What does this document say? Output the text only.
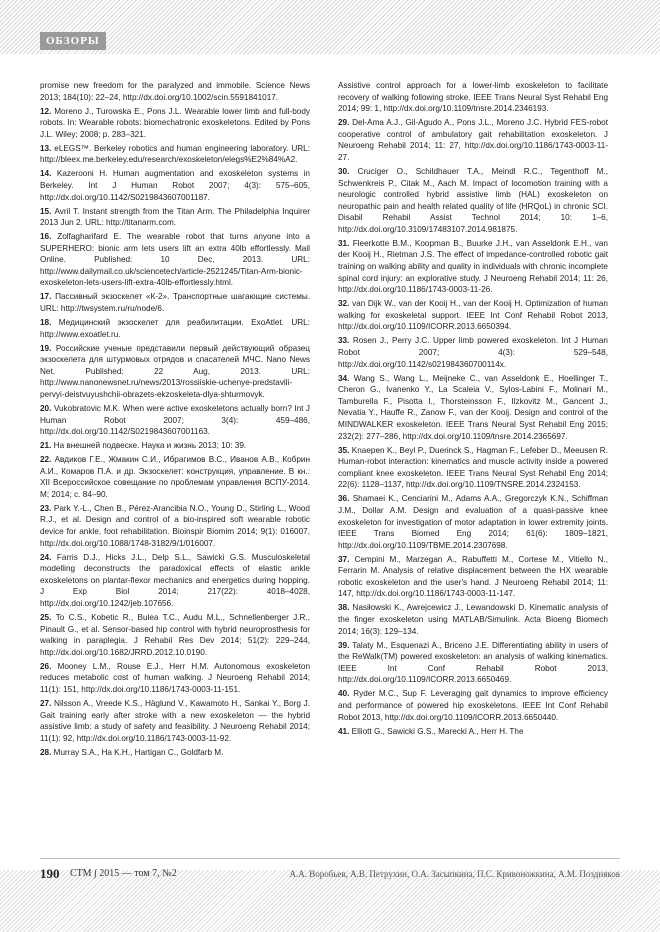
ОБЗОРЫ

promise new freedom for the paralyzed and immobile. Science News 2013; 184(10): 22–24, http://dx.doi.org/10.1002/scin.5591841017.

12 . Moreno J., Turowska E., Pons J.L. Wearable lower limb and full-body robots. In: Wearable robots: biomechatronic exoskeletons. Edited by Pons J.L. Wiley; 2008; p. 283–321.

13 . eLEGS™. Berkeley robotics and human engineering laboratory. URL: http://bleex.me.berkeley.edu/research/exoskeleton/elegs%E2%84%A2.

14 . Kazerooni H. Human augmentation and exoskeleton systems in Berkeley. Int J Human Robot 2007; 4(3): 575–605, http://dx.doi.org/10.1142/S0219843607001187.

15 . Avril T. Instant strength from the Titan Arm. The Philadelphia Inquirer 2013 Jun 2. URL: http://titanarm.com.

16 . Zolfagharifard E. The wearable robot that turns anyone into a SUPERHERO: bionic arm lets users lift an extra 40lb effortlessly. Mail Online. Published: 10 Dec, 2013. URL: http://www.dailymail.co.uk/sciencetech/article-2521245/Titan-Arm-bionic-exoskeleton-lets-users-lift-extra-40lb-effortlessly.html.

17 . Пассивный экзоскелет «К-2». Транспортные шагающие системы. URL: http://twsystem.ru/ru/node/6.

18 . Медицинский экзоскелет для реабилитации. ExoAtlet. URL: http://www.exoatlet.ru.

19 . Российские ученые представили первый действующий образец экзоскелета для штурмовых отрядов и спасателей МЧС. Nano News Net. Published: 22 Aug, 2013. URL: http://www.nanonewsnet.ru/news/2013/rossiiskie-uchenye-predstavili-pervyi-deistvuyushchii-obrazets-ekzoskeleta-dlya-shturmovyk.

20 . Vukobratovic M.K. When were active exoskeletons actually born? Int J Human Robot 2007; 3(4): 459–486, http://dx.doi.org/10.1142/S0219843607001163.

21 . На внешней подвеске. Наука и жизнь 2013; 10: 39.

22 . Авдиков Г.Е., Жмакин С.И., Ибрагимов В.С., Иванов А.В., Кобрин А.И., Комаров П.А. и др. Экзоскелет: конструкция, управление. В кн.: XII Всероссийское совещание по проблемам управления ВСПУ-2014. М; 2014; с. 84–90.

23 . Park Y.-L., Chen B., Pérez-Arancibia N.O., Young D., Stirling L., Wood R.J., et al. Design and control of a bio-inspired soft wearable robotic device for ankle, foot rehabilitation. Bioinspir Biomim 2014; 9(1): 016007, http://dx.doi.org/10.1088/1748-3182/9/1/016007.

24 . Farris D.J., Hicks J.L., Delp S.L., Sawicki G.S. Musculoskeletal modelling deconstructs the paradoxical effects of elastic ankle exoskeletons on plantar-flexor mechanics and energetics during hopping. J Exp Biol 2014; 217(22): 4018–4028, http://dx.doi.org/10.1242/jeb.107656.

25 . To C.S., Kobetic R., Bulea T.C., Audu M.L., Schnellenberger J.R., Pinault G., et al. Sensor-based hip control with hybrid neuroprosthesis for walking in paraplegia. J Rehabil Res Dev 2014; 51(2): 229–244, http://dx.doi.org/10.1682/JRRD.2012.10.0190.

26 . Mooney L.M., Rouse E.J., Herr H.M. Autonomous exoskeleton reduces metabolic cost of human walking. J Neuroeng Rehabil 2014; 11(1): 151, http://dx.doi.org/10.1186/1743-0003-11-151.

27 . Nilsson A., Vreede K.S., Häglund V., Kawamoto H., Sankai Y., Borg J. Gait training early after stroke with a new exoskeleton — the hybrid assistive limb: a study of safety and feasibility. J Neuroeng Rehabil 2014; 11(1): 92, http://dx.doi.org/10.1186/1743-0003-11-92.

28 . Murray S.A., Ha K.H., Hartigan C., Goldfarb M.

Assistive control approach for a lower-limb exoskeleton to facilitate recovery of walking following stroke. IEEE Trans Neural Syst Rehabil Eng 2014; 99: 1, http://dx.doi.org/10.1109/tnsre.2014.2346193.

29 . Del-Ama A.J., Gil-Agudo A., Pons J.L., Moreno J.C. Hybrid FES-robot cooperative control of ambulatory gait rehabilitation exoskeleton. J Neuroeng Rehabil 2014; 11: 27, http://dx.doi.org/10.1186/1743-0003-11-27.

30 . Cruciger O., Schildhauer T.A., Meindl R.C., Tegenthoff M., Schwenkreis P., Citak M., Aach M. Impact of locomotion training with a neurologic controlled hybrid assistive limb (HAL) exoskeleton on neuropathic pain and health related quality of life (HRQoL) in chronic SCI. Disabil Rehabil Assist Technol 2014; 10: 1–6, http://dx.doi.org/10.3109/17483107.2014.981875.

31 . Fleerkotte B.M., Koopman B., Buurke J.H., van Asseldonk E.H., van der Kooij H., Rietman J.S. The effect of impedance-controlled robotic gait training on walking ability and quality in individuals with chronic incomplete spinal cord injury: an explorative study. J Neuroeng Rehabil 2014; 11: 26, http://dx.doi.org/10.1186/1743-0003-11-26.

32 . van Dijk W., van der Kooij H., van der Kooij H. Optimization of human walking for exoskeletal support. IEEE Int Conf Rehabil Robot 2013, http://dx.doi.org/10.1109/ICORR.2013.6650394.

33 . Rosen J., Perry J.C. Upper limb powered exoskeleton. Int J Human Robot 2007; 4(3): 529–548, http://dx.doi.org/10.1142/s021984360700114x.

34 . Wang S., Wang L., Meijneke C., van Asseldonk E., Hoellinger T., Cheron G., Ivanenko Y., La Scaleia V., Sylos-Labini F., Molinari M., Tamburella F., Pisotta I., Thorsteinsson F., Ilzkovitz M., Gancent J., Nevatia Y., Hauffe R., Zanow F., van der Kooij. Design and control of the MINDWALKER exoskeleton. IEEE Trans Neural Syst Rehabil Eng 2015; 232(2): 277–286, http://dx.doi.org/10.1109/tnsre.2014.2365697.

35 . Knaepen K., Beyl P., Duerinck S., Hagman F., Lefeber D., Meeusen R. Human-robot interaction: kinematics and muscle activity inside a powered compliant knee exoskeleton. IEEE Trans Neural Syst Rehabil Eng 2014; 22(6): 1128–1137, http://dx.doi.org/10.1109/TNSRE.2014.2324153.

36 . Shamaei K., Cenciarini M., Adams A.A., Gregorczyk K.N., Schiffman J.M., Dollar A.M. Design and evaluation of a quasi-passive knee exoskeleton for investigation of motor adaptation in lower extremity joints. IEEE Trans Biomed Eng 2014; 61(6): 1809–1821, http://dx.doi.org/10.1109/TBME.2014.2307698.

37 . Cempini M., Marzegan A., Rabuffetti M., Cortese M., Vitiello N., Ferrarin M. Analysis of relative displacement between the HX wearable robotic exoskeleton and the user's hand. J Neuroeng Rehabil 2014; 11: 147, http://dx.doi.org/10.1186/1743-0003-11-147.

38 . Nasiłowski K., Awrejcewicz J., Lewandowski D. Kinematic analysis of the finger exoskeleton using MATLAB/Simulink. Acta Bioeng Biomech 2014; 16(3): 129–134.

39 . Talaty M., Esquenazi A., Briceno J.E. Differentiating ability in users of the ReWalk(TM) powered exoskeleton: an analysis of walking kinematics. IEEE Int Conf Rehabil Robot 2013, http://dx.doi.org/10.1109/ICORR.2013.6650469.

40 . Ryder M.C., Sup F. Leveraging gait dynamics to improve efficiency and performance of powered hip exoskeletons. IEEE Int Conf Rehabil Robot 2013, http://dx.doi.org/10.1109/ICORR.2013.6650440.

41 . Elliott G., Sawicki G.S., Marecki A., Herr H. The

190 СТМ ∫ 2015 — том 7, №2	А.А. Воробьев, А.В. Петрухин, О.А. Засыпкина, П.С. Кривоножкина, А.М. Поздняков
